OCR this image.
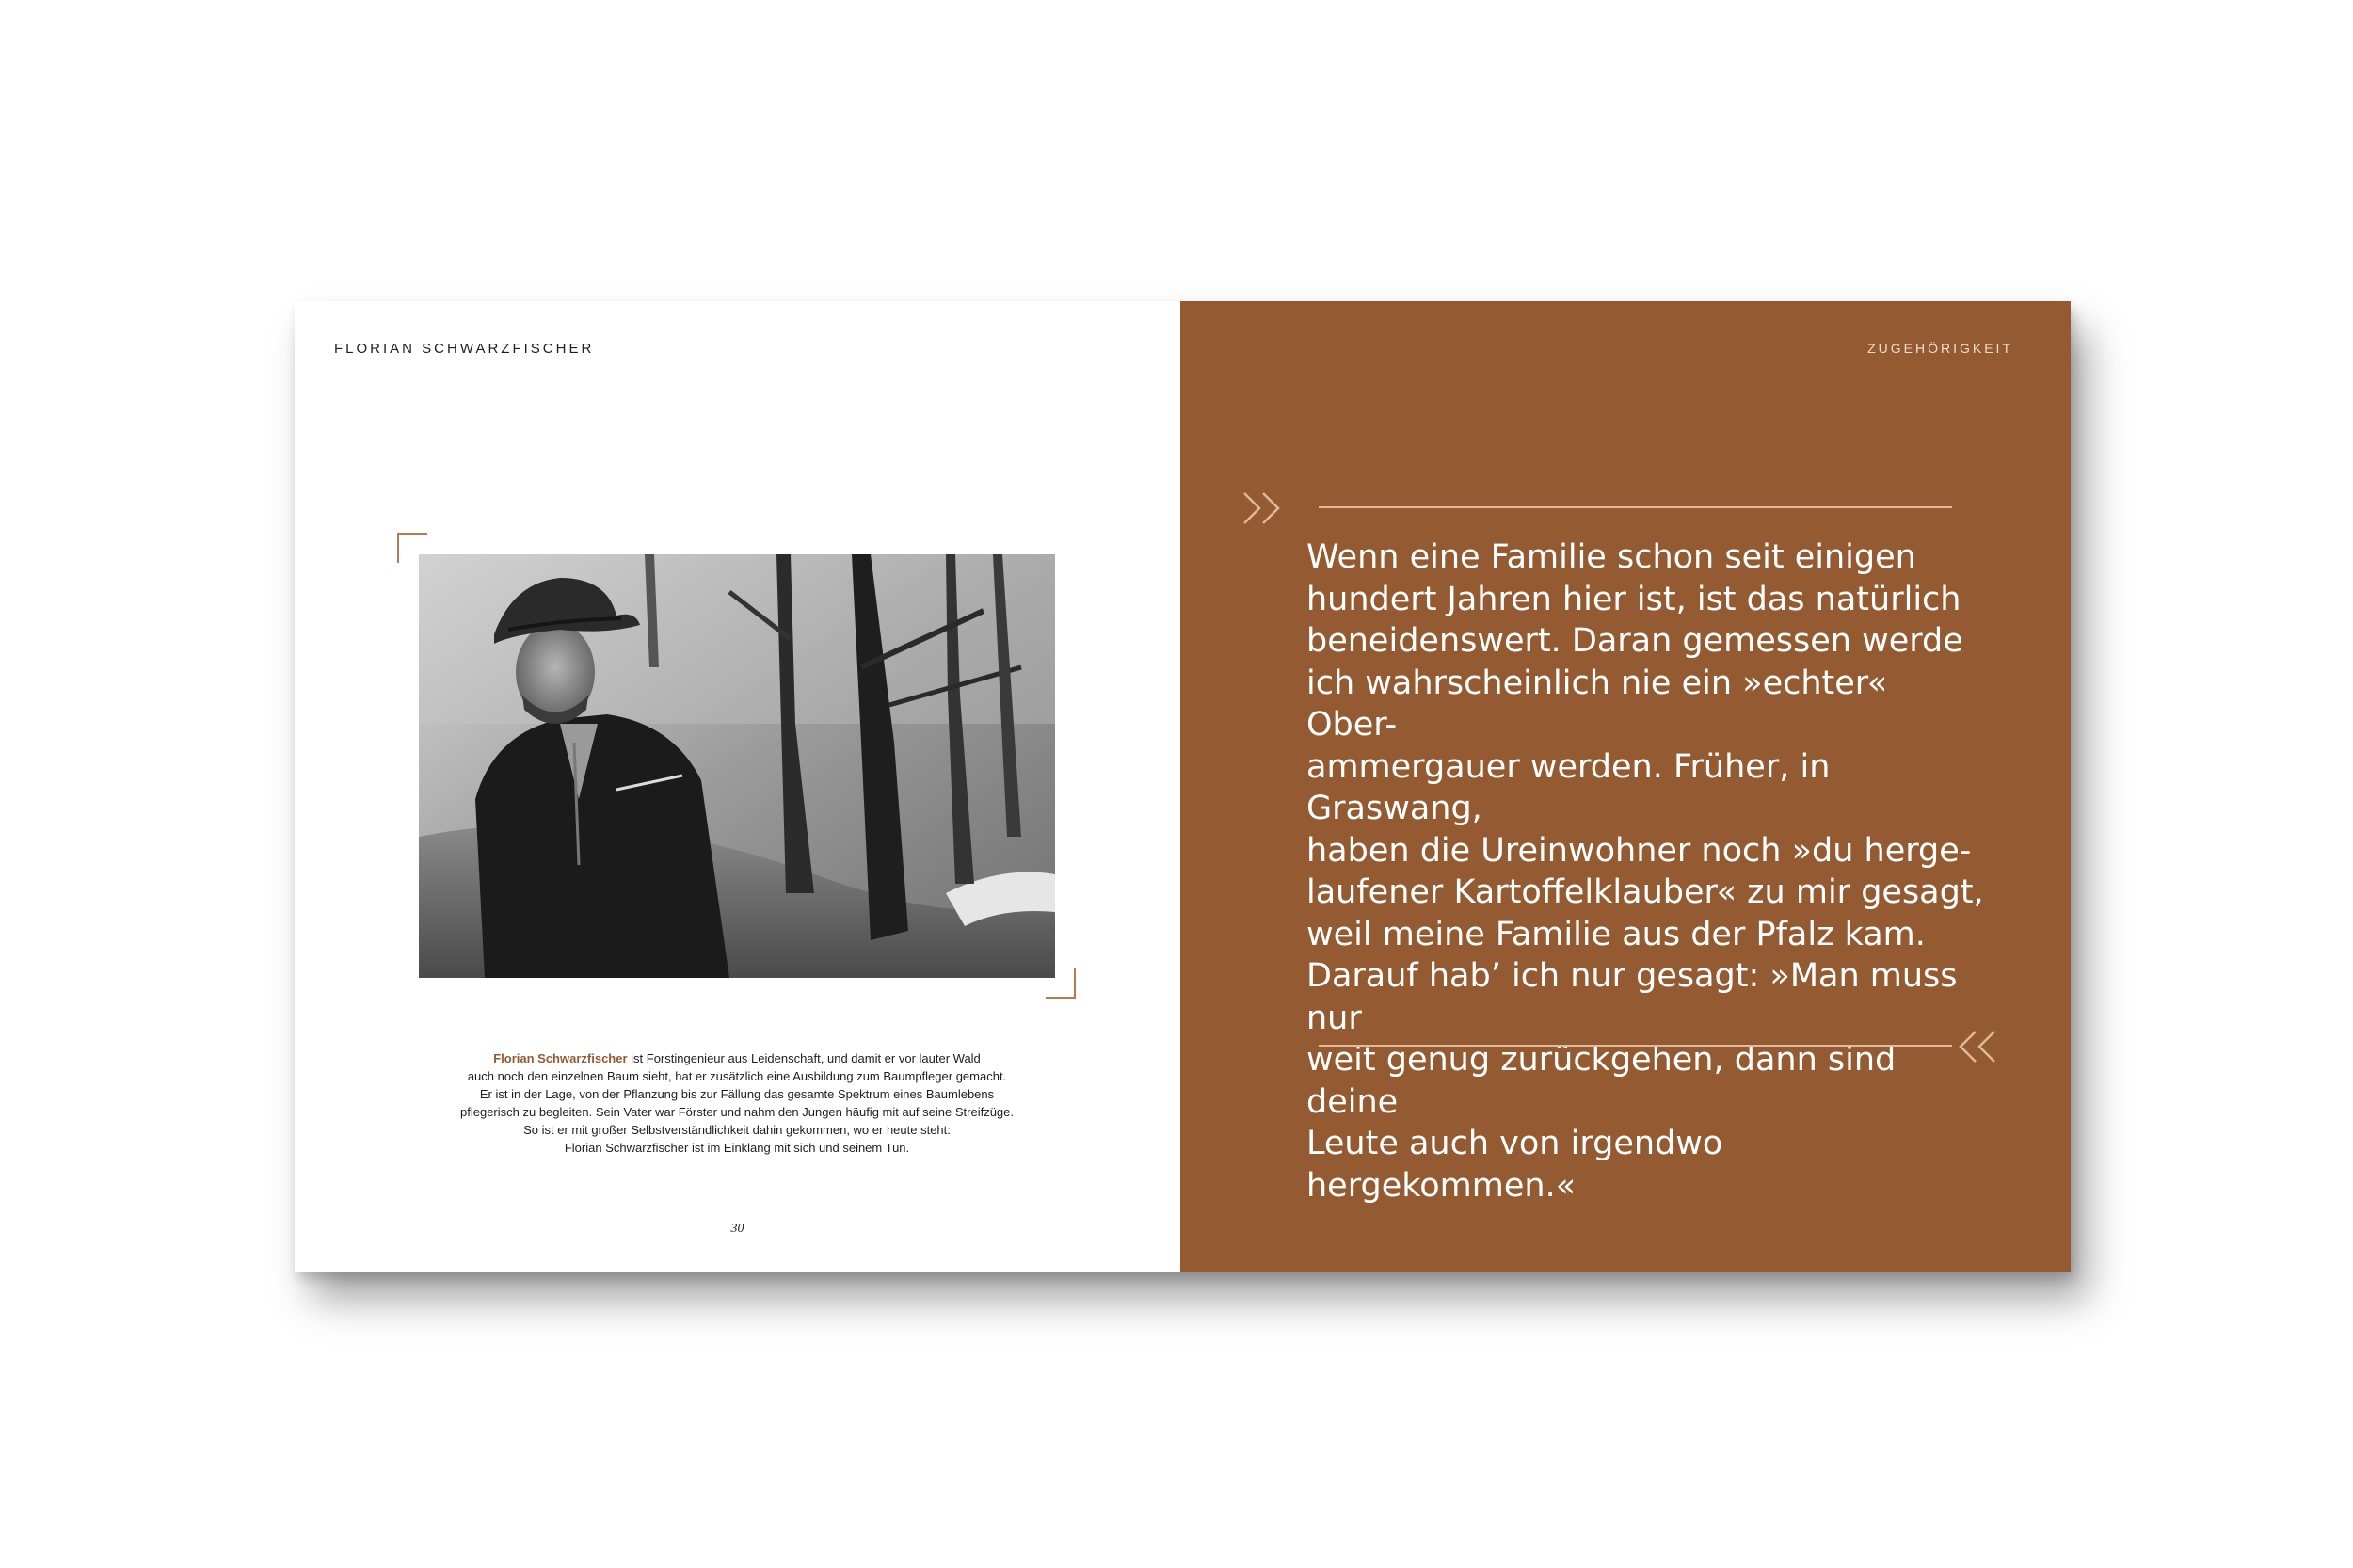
FLORIAN SCHWARZFISCHER
Florian Schwarzfischer ist Forstingenieur aus Leidenschaft, und damit er vor lauter Wald
auch noch den einzelnen Baum sieht, hat er zusätzlich eine Ausbildung zum Baumpfleger gemacht.
Er ist in der Lage, von der Pflanzung bis zur Fällung das gesamte Spektrum eines Baumlebens
pflegerisch zu begleiten. Sein Vater war Förster und nahm den Jungen häufig mit auf seine Streifzüge.
So ist er mit großer Selbstverständlichkeit dahin gekommen, wo er heute steht:
Florian Schwarzfischer ist im Einklang mit sich und seinem Tun.
30
ZUGEHÖRIGKEIT
Wenn eine Familie schon seit einigen
hundert Jahren hier ist, ist das natürlich
beneidenswert. Daran gemessen werde
ich wahrscheinlich nie ein »echter« Ober-
ammergauer werden. Früher, in Graswang,
haben die Ureinwohner noch »du herge-
laufener Kartoffelklauber« zu mir gesagt,
weil meine Familie aus der Pfalz kam.
Darauf hab’ ich nur gesagt: »Man muss nur
weit genug zurückgehen, dann sind deine
Leute auch von irgendwo hergekommen.«
